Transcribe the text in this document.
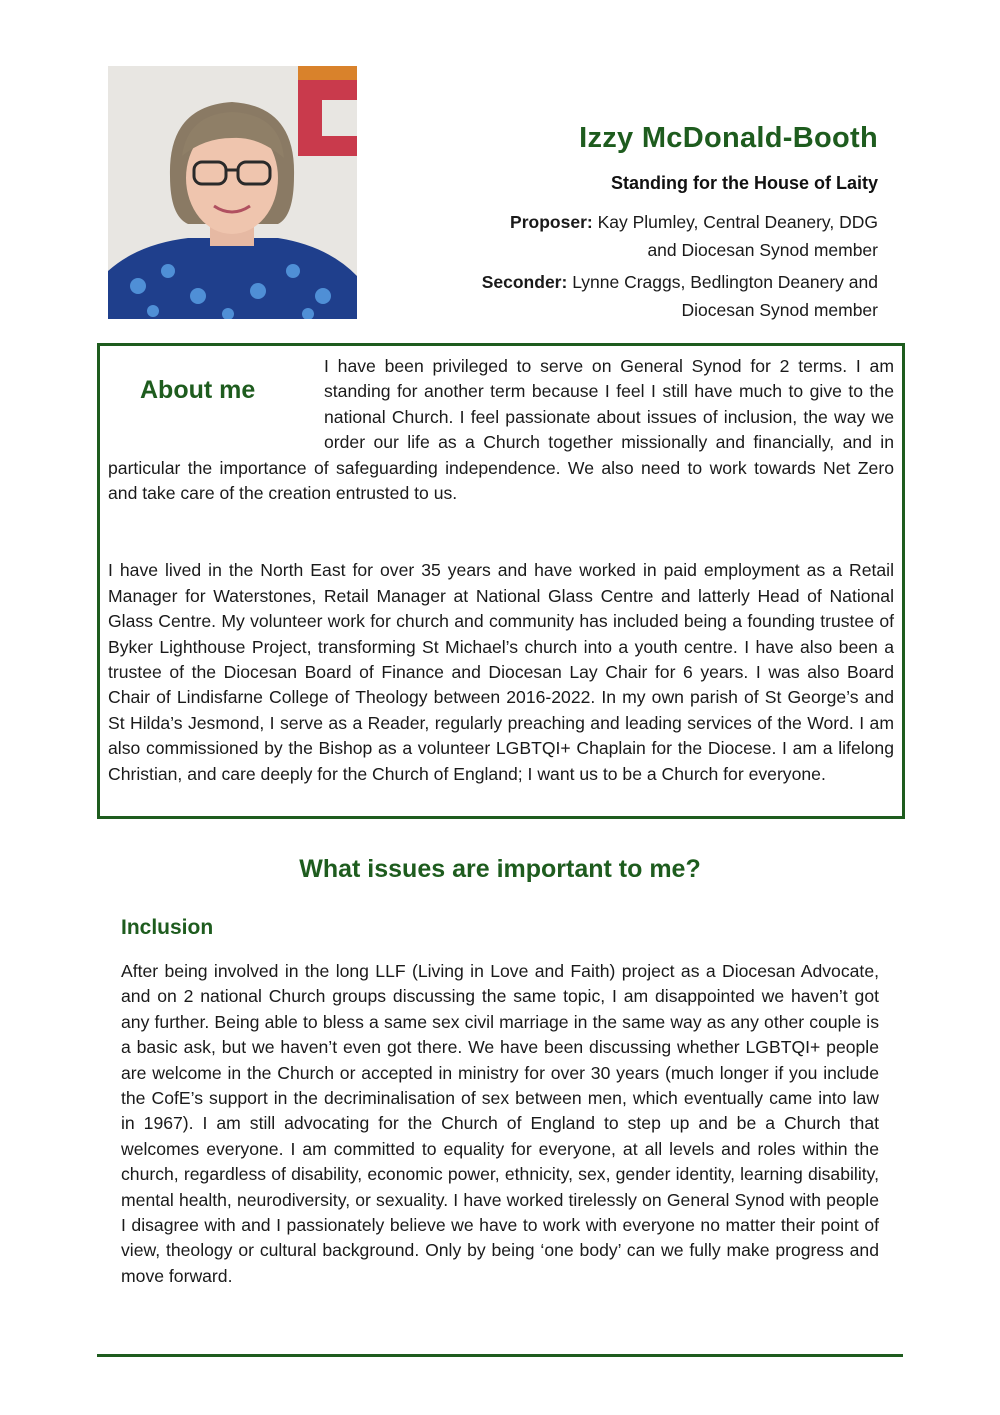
Izzy McDonald-Booth
Standing for the House of Laity
Proposer: Kay Plumley, Central Deanery, DDG
and Diocesan Synod member
Seconder: Lynne Craggs, Bedlington Deanery and
Diocesan Synod member
About me

I have been privileged to serve on General Synod for 2 terms. I am standing for another term because I feel I still have much to give to the national Church. I feel passionate about issues of inclusion, the way we order our life as a Church together missionally and financially, and in particular the importance of safeguarding independence. We also need to work towards Net Zero and take care of the creation entrusted to us.

I have lived in the North East for over 35 years and have worked in paid employment as a Retail Manager for Waterstones, Retail Manager at National Glass Centre and latterly Head of National Glass Centre. My volunteer work for church and community has included being a founding trustee of Byker Lighthouse Project, transforming St Michael’s church into a youth centre. I have also been a trustee of the Diocesan Board of Finance and Diocesan Lay Chair for 6 years. I was also Board Chair of Lindisfarne College of Theology between 2016-2022. In my own parish of St George’s and St Hilda’s Jesmond, I serve as a Reader, regularly preaching and leading services of the Word. I am also commissioned by the Bishop as a volunteer LGBTQI+ Chaplain for the Diocese. I am a lifelong Christian, and care deeply for the Church of England; I want us to be a Church for everyone.

What issues are important to me?
Inclusion

After being involved in the long LLF (Living in Love and Faith) project as a Diocesan Advocate, and on 2 national Church groups discussing the same topic, I am disappointed we haven’t got any further. Being able to bless a same sex civil marriage in the same way as any other couple is a basic ask, but we haven’t even got there. We have been discussing whether LGBTQI+ people are welcome in the Church or accepted in ministry for over 30 years (much longer if you include the CofE’s support in the decriminalisation of sex between men, which eventually came into law in 1967). I am still advocating for the Church of England to step up and be a Church that welcomes everyone. I am committed to equality for everyone, at all levels and roles within the church, regardless of disability, economic power, ethnicity, sex, gender identity, learning disability, mental health, neurodiversity, or sexuality. I have worked tirelessly on General Synod with people I disagree with and I passionately believe we have to work with everyone no matter their point of view, theology or cultural background. Only by being ‘one body’ can we fully make progress and move forward.
